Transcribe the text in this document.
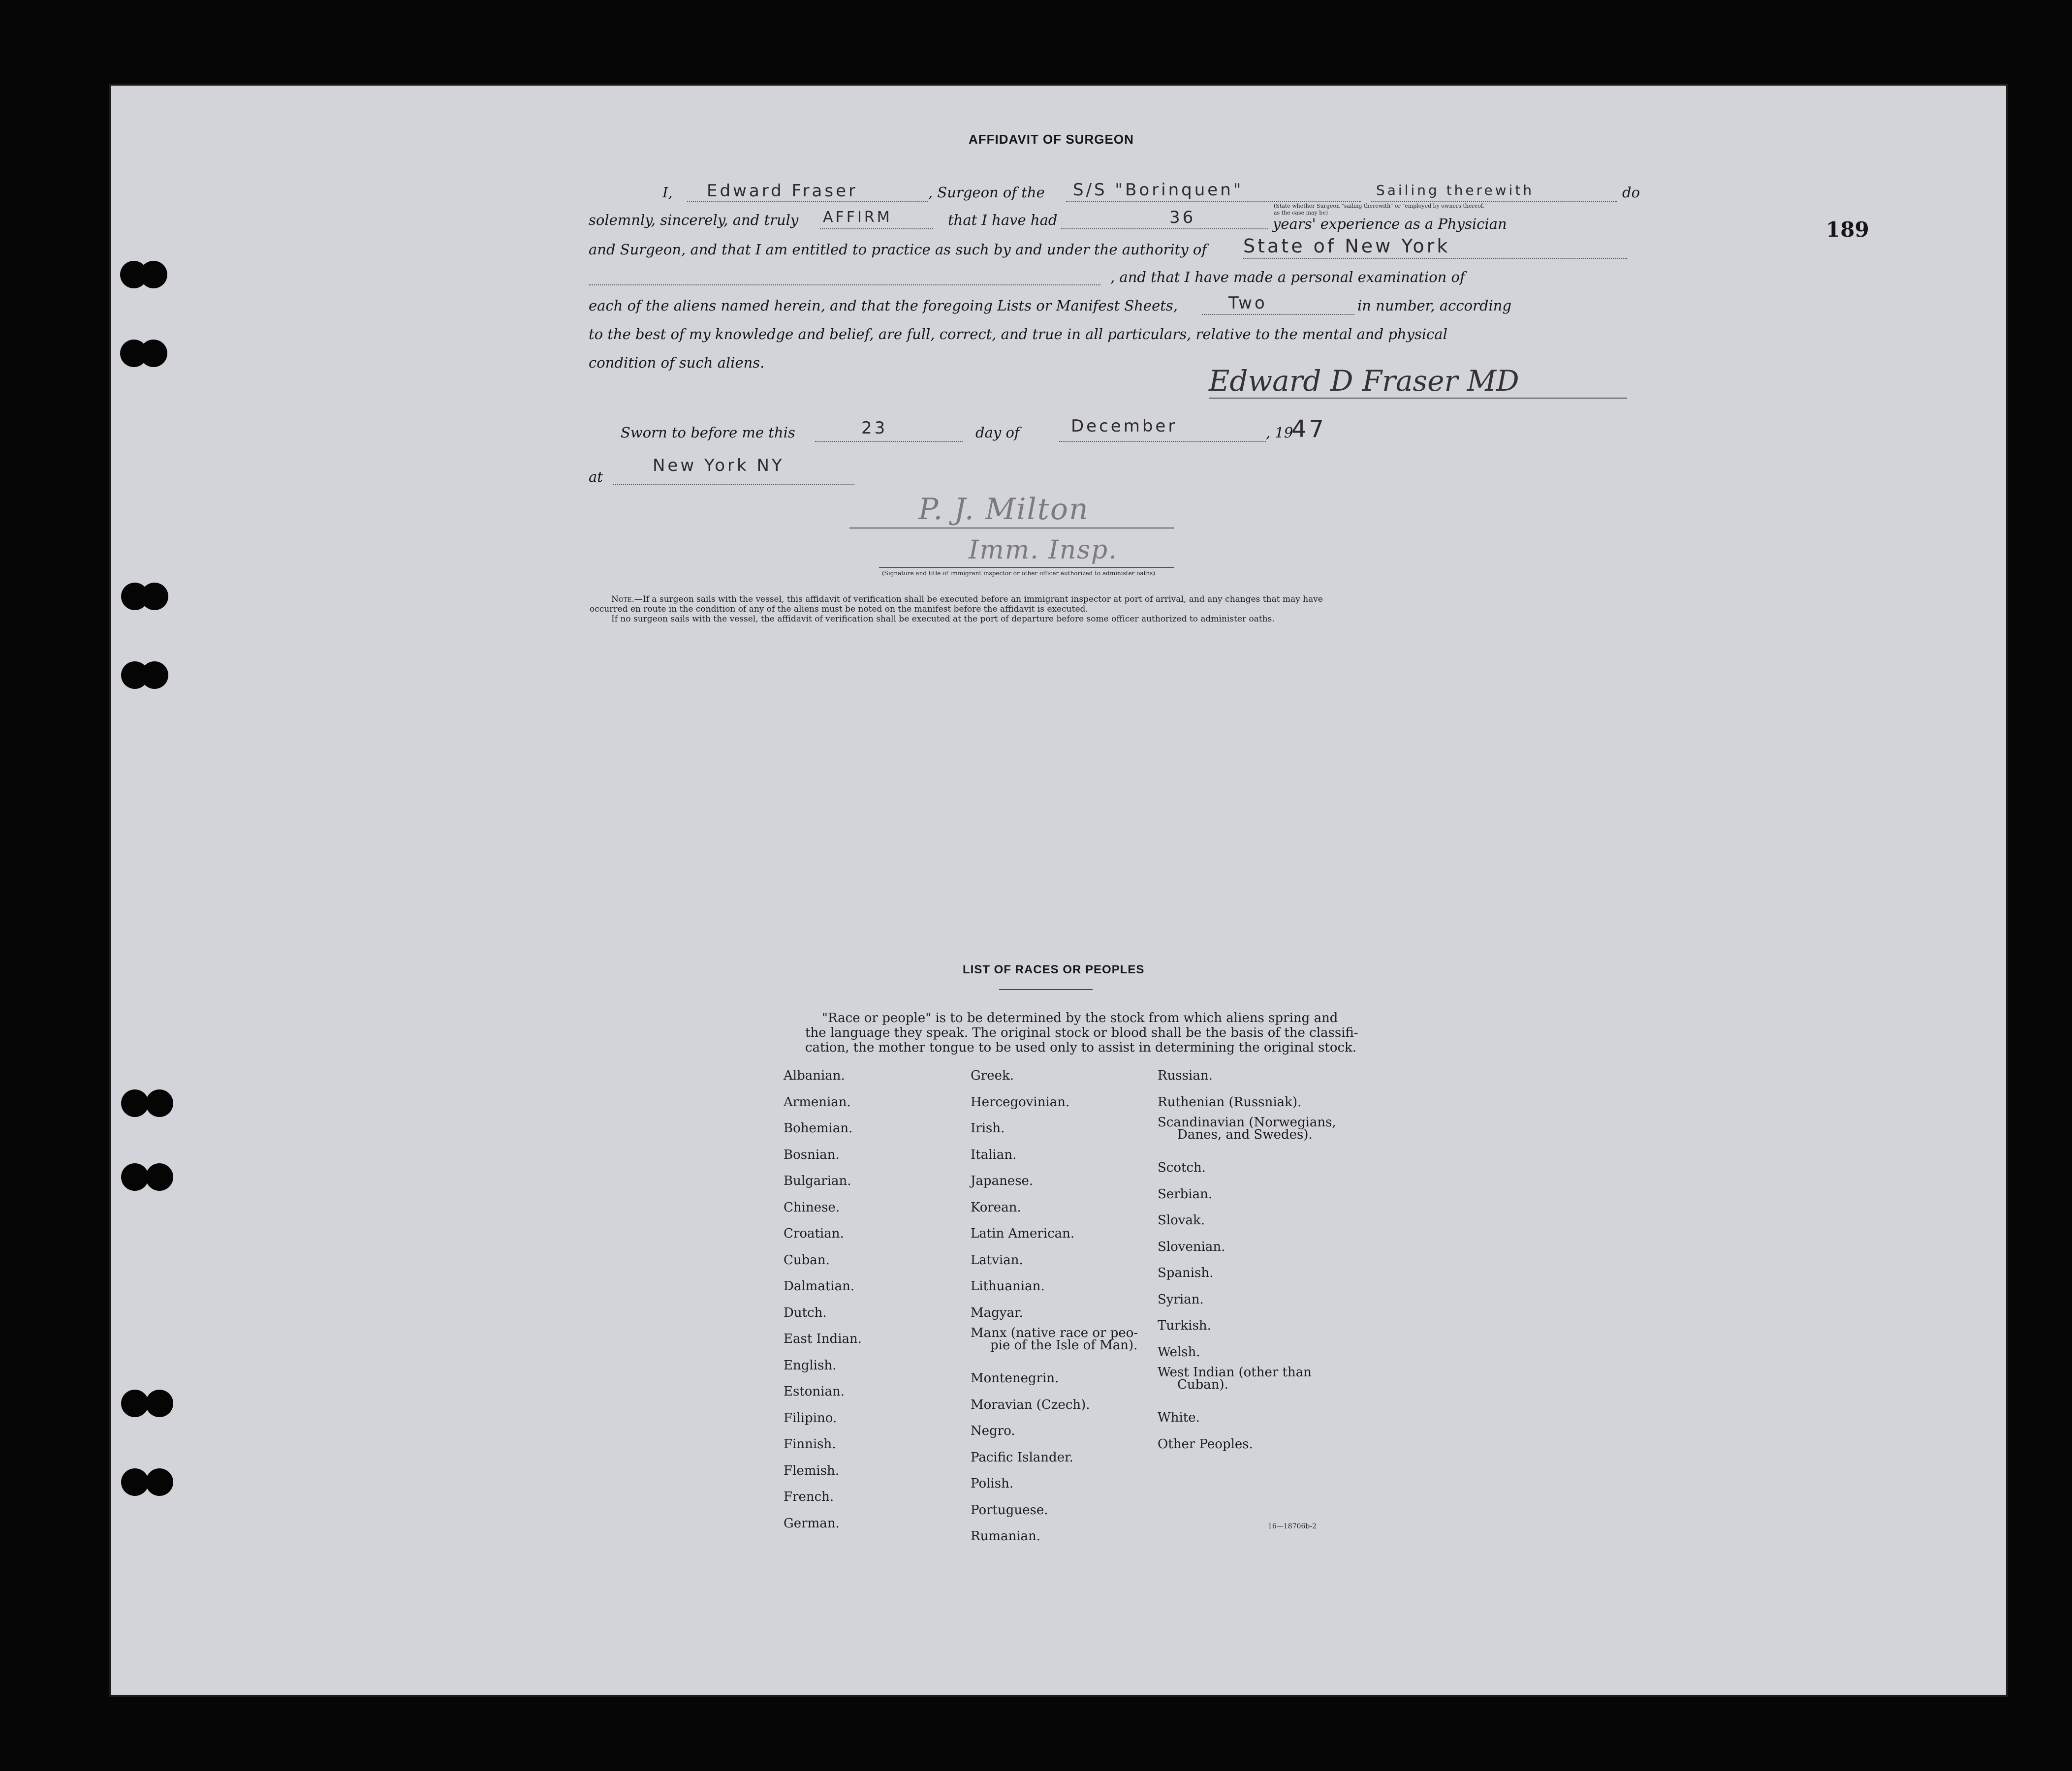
189
AFFIDAVIT OF SURGEON
I, Edward Fraser	, Surgeon of the S/S "Borinquen"	Sailing therewith	do
(State whether Surgeon "sailing therewith" or "employed by owners thereof," as the case may be)
solemnly, sincerely, and truly AFFIRM	that I have had	36	years' experience as a Physician
and Surgeon, and that I am entitled to practice as such by and under the authority of State of New York
, and that I have made a personal examination of
each of the aliens named herein, and that the foregoing Lists or Manifest Sheets,	Two	in number, according
to the best of my knowledge and belief, are full, correct, and true in all particulars, relative to the mental and physical
condition of such aliens.
Edward D Fraser MD
Sworn to before me this	23	day of	December	, 19
47
at
New York NY
P. J. Milton
Imm. Insp.
(Signature and title of immigrant inspector or other officer authorized to administer oaths)
Note.—If a surgeon sails with the vessel, this affidavit of verification shall be executed before an immigrant inspector at port of arrival, and any changes that may have
occurred en route in the condition of any of the aliens must be noted on the manifest before the affidavit is executed.
If no surgeon sails with the vessel, the affidavit of verification shall be executed at the port of departure before some officer authorized to administer oaths.
LIST OF RACES OR PEOPLES
"Race or people" is to be determined by the stock from which aliens spring and
the language they speak. The original stock or blood shall be the basis of the classifi-
cation, the mother tongue to be used only to assist in determining the original stock.
Albanian.
Armenian.
Bohemian.
Bosnian.
Bulgarian.
Chinese.
Croatian.
Cuban.
Dalmatian.
Dutch.
East Indian.
English.
Estonian.
Filipino.
Finnish.
Flemish.
French.
German.
Greek.
Hercegovinian.
Irish.
Italian.
Japanese.
Korean.
Latin American.
Latvian.
Lithuanian.
Magyar.
Manx (native race or peo-
pie of the Isle of Man).
Montenegrin.
Moravian (Czech).
Negro.
Pacific Islander.
Polish.
Portuguese.
Rumanian.
Russian.
Ruthenian (Russniak).
Scandinavian (Norwegians,
Danes, and Swedes).
Scotch.
Serbian.
Slovak.
Slovenian.
Spanish.
Syrian.
Turkish.
Welsh.
West Indian (other than
Cuban).
White.
Other Peoples.
16—18706b-2
